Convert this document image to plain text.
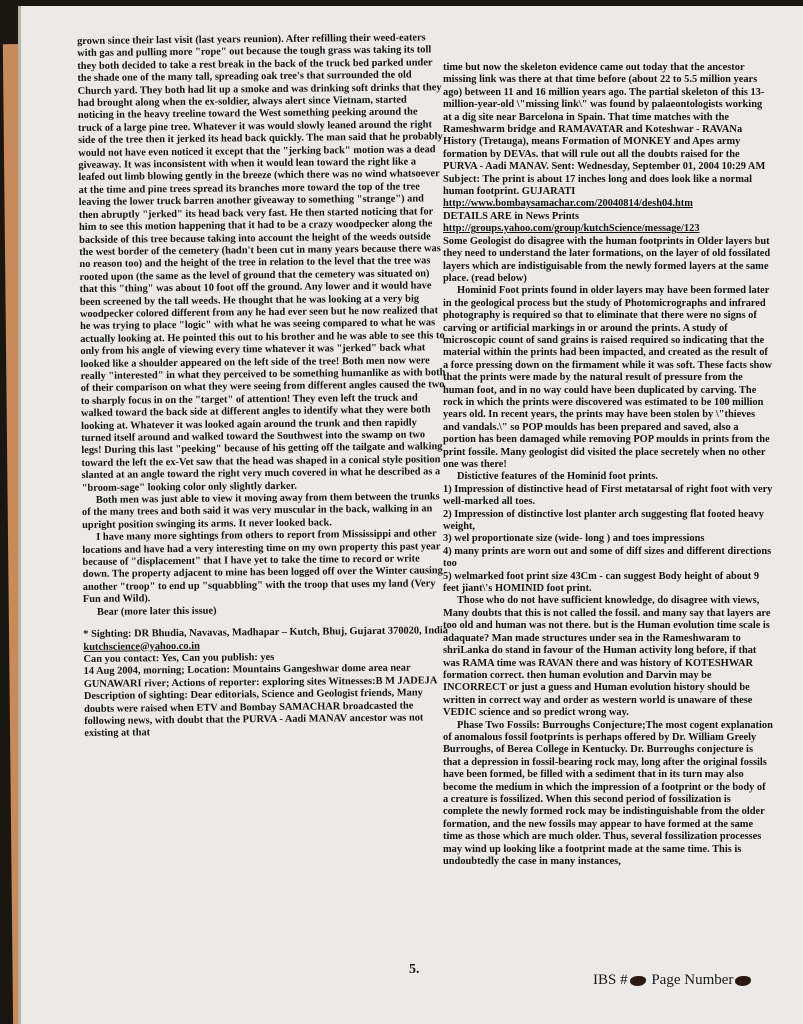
grown since their last visit (last years reunion). After refilling their weed-eaters with gas and pulling more "rope" out because the tough grass was taking its toll they both decided to take a rest break in the back of the truck bed parked under the shade one of the many tall, spreading oak tree's that surrounded the old Church yard. They both had lit up a smoke and was drinking soft drinks that they had brought along when the ex-soldier, always alert since Vietnam, started noticing in the heavy treeline toward the West something peeking around the truck of a large pine tree. Whatever it was would slowly leaned around the right side of the tree then it jerked its head back quickly. The man said that he probably would not have even noticed it except that the "jerking back" motion was a dead giveaway. It was inconsistent with when it would lean toward the right like a leafed out limb blowing gently in the breeze (which there was no wind whatsoever at the time and pine trees spread its branches more toward the top of the tree leaving the lower truck barren another giveaway to something "strange") and then abruptly "jerked" its head back very fast. He then started noticing that for him to see this motion happening that it had to be a crazy woodpecker along the backside of this tree because taking into account the height of the weeds outside the west border of the cemetery (hadn't been cut in many years because there was no reason too) and the height of the tree in relation to the level that the tree was rooted upon (the same as the level of ground that the cemetery was situated on) that this "thing" was about 10 foot off the ground. Any lower and it would have been screened by the tall weeds. He thought that he was looking at a very big woodpecker colored different from any he had ever seen but he now realized that he was trying to place "logic" with what he was seeing compared to what he was actually looking at. He pointed this out to his brother and he was able to see this to only from his angle of viewing every time whatever it was "jerked" back what looked like a shoulder appeared on the left side of the tree! Both men now were really "interested" in what they perceived to be something humanlike as with both of their comparison on what they were seeing from different angles caused the two to sharply focus in on the "target" of attention! They even left the truck and walked toward the back side at different angles to identify what they were both looking at. Whatever it was looked again around the trunk and then rapidly turned itself around and walked toward the Southwest into the swamp on two legs! During this last "peeking" because of his getting off the tailgate and walking toward the left the ex-Vet saw that the head was shaped in a conical style position slanted at an angle toward the right very much covered in what he described as a "broom-sage" looking color only slightly darker.

Both men was just able to view it moving away from them between the trunks of the many trees and both said it was very muscular in the back, walking in an upright position swinging its arms. It never looked back.

I have many more sightings from others to report from Mississippi and other locations and have had a very interesting time on my own property this past year because of "displacement" that I have yet to take the time to record or write down. The property adjacent to mine has been logged off over the Winter causing another "troop" to end up "squabbling" with the troop that uses my land (Very Fun and Wild).

Bear (more later this issue)

* Sighting: DR Bhudia, Navavas, Madhapar – Kutch, Bhuj, Gujarat 370020, India kutchscience@yahoo.co.in

Can you contact: Yes, Can you publish: yes

14 Aug 2004, morning; Location: Mountains Gangeshwar dome area near GUNAWARI river; Actions of reporter: exploring sites Witnesses:B M JADEJA

Description of sighting: Dear editorials, Science and Geologist friends, Many doubts were raised when ETV and Bombay SAMACHAR broadcasted the following news, with doubt that the PURVA - Aadi MANAV ancestor was not existing at that

time but now the skeleton evidence came out today that the ancestor missing link was there at that time before (about 22 to 5.5 million years ago) between 11 and 16 million years ago. The partial skeleton of this 13-million-year-old \"missing link\" was found by palaeontologists working at a dig site near Barcelona in Spain. That time matches with the Rameshwarm bridge and RAMAVATAR and Koteshwar - RAVANa History (Tretauga), means Formation of MONKEY and Apes army formation by DEVAs. that will rule out all the doubts raised for the PURVA - Aadi MANAV. Sent: Wednesday, September 01, 2004 10:29 AM Subject: The print is about 17 inches long and does look like a normal human footprint. GUJARATI

http://www.bombaysamachar.com/20040814/desh04.htm

DETAILS ARE in News Prints

http://groups.yahoo.com/group/kutchScience/message/123

Some Geologist do disagree with the human footprints in Older layers but they need to understand the later formations, on the layer of old fossilated layers which are indistiguisable from the newly formed layers at the same place. (read below)

Hominid Foot prints found in older layers may have been formed later in the geological process but the study of Photomicrographs and infrared photography is required so that to eliminate that there were no signs of carving or artificial markings in or around the prints. A study of microscopic count of sand grains is raised required so indicating that the material within the prints had been impacted, and created as the result of a force pressing down on the firmament while it was soft. These facts show that the prints were made by the natural result of pressure from the human foot, and in no way could have been duplicated by carving. The rock in which the prints were discovered was estimated to be 100 million years old. In recent years, the prints may have been stolen by \"thieves and vandals.\" so POP moulds has been prepared and saved, also a portion has been damaged while removing POP moulds in prints from the print fossile. Many geologist did visited the place secretely when no other one was there!

Distictive features of the Hominid foot prints.

1) Impression of distinctive head of First metatarsal of right foot with very well-marked all toes.

2) Impression of distinctive lost planter arch suggesting flat footed heavy weight,

3) wel proportionate size (wide- long ) and toes impressions

4) many prints are worn out and some of diff sizes and different directions too

5) welmarked foot print size 43Cm - can suggest Body height of about 9 feet jiant\'s HOMINID foot print.

Those who do not have sufficient knowledge, do disagree with views, Many doubts that this is not called the fossil. and many say that layers are too old and human was not there. but is the Human evolution time scale is adaquate? Man made structures under sea in the Rameshwaram to shriLanka do stand in favour of the Human activity long before, if that was RAMA time was RAVAN there and was history of KOTESHWAR formation correct. then human evolution and Darvin may be INCORRECT or just a guess and Human evolution history should be written in correct way and order as western world is unaware of these VEDIC science and so predict wrong way.

Phase Two Fossils: Burroughs Conjecture;The most cogent explanation of anomalous fossil footprints is perhaps offered by Dr. William Greely Burroughs, of Berea College in Kentucky. Dr. Burroughs conjecture is that a depression in fossil-bearing rock may, long after the original fossils have been formed, be filled with a sediment that in its turn may also become the medium in which the impression of a footprint or the body of a creature is fossilized. When this second period of fossilization is complete the newly formed rock may be indistinguishable from the older formation, and the new fossils may appear to have formed at the same time as those which are much older. Thus, several fossilization processes may wind up looking like a footprint made at the same time. This is undoubtedly the case in many instances,

5.
IBS # Page Number
